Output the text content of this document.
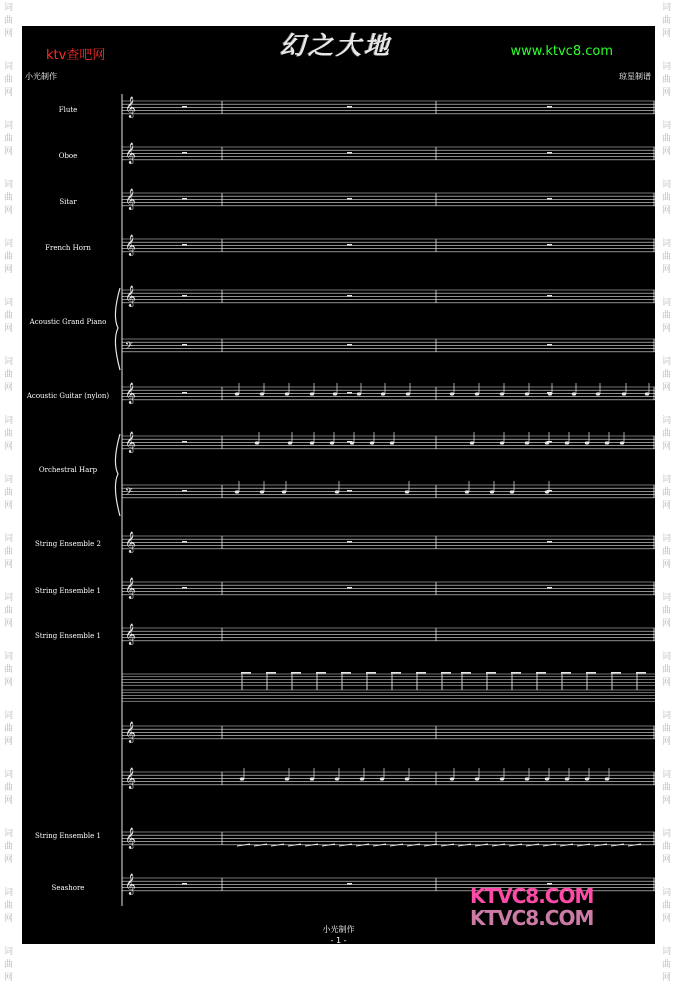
词
曲
网
词
曲
网
词
曲
网
词
曲
网
词
曲
网
词
曲
网
词
曲
网
词
曲
网
词
曲
网
词
曲
网
词
曲
网
词
曲
网
词
曲
网
词
曲
网
词
曲
网
词
曲
网
词
曲
网
词
曲
网
词
曲
网
词
曲
网
词
曲
网
词
曲
网
词
曲
网
词
曲
网
词
曲
网
词
曲
网
词
曲
网
词
曲
网
词
曲
网
词
曲
网
词
曲
网
词
曲
网
词
曲
网
词
曲
网
𝄞
𝄞
𝄞
𝄞
𝄞
𝄢
𝄞
𝄞
𝄢
𝄞
𝄞
𝄞
𝄞
𝄞
𝄞
𝄞
ktv查吧网	幻之大地	www.ktvc8.com
小光制作	琼星制谱
Flute
Oboe
Sitar
French Horn
Acoustic Grand Piano
Acoustic Guitar (nylon)
Orchestral Harp
String Ensemble 2
String Ensemble 1
String Ensemble 1
String Ensemble 1
Seashore	KTVC8.COM
KTVC8.COM
小光制作
- 1 -
